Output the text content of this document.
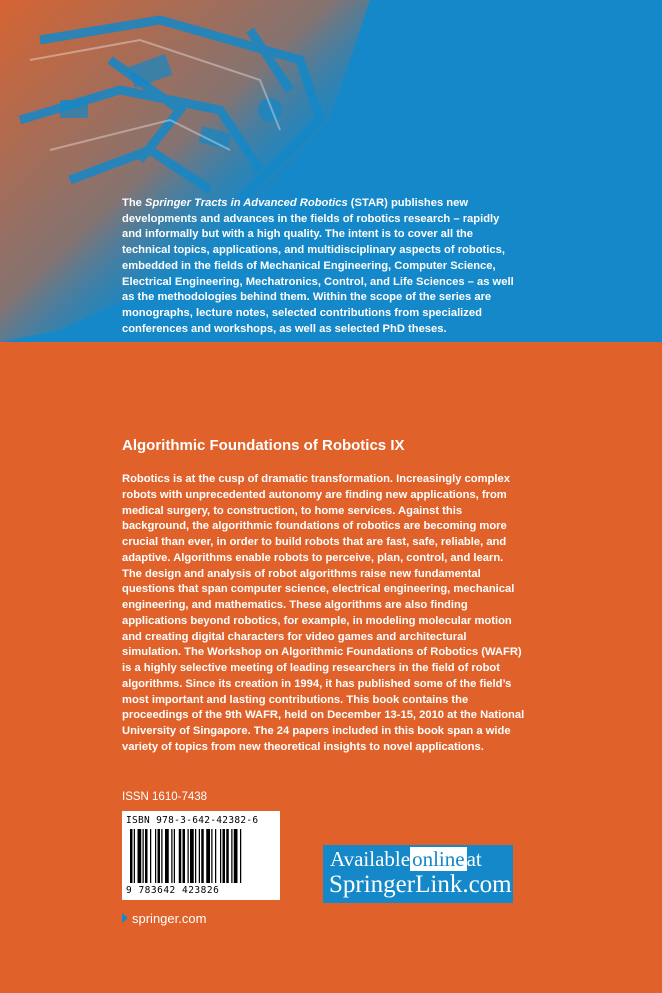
The Springer Tracts in Advanced Robotics (STAR) publishes new developments and advances in the fields of robotics research – rapidly and informally but with a high quality. The intent is to cover all the technical topics, applications, and multidisciplinary aspects of robotics, embedded in the fields of Mechanical Engineering, Computer Science, Electrical Engineering, Mechatronics, Control, and Life Sciences – as well as the methodologies behind them. Within the scope of the series are monographs, lecture notes, selected contributions from specialized conferences and workshops, as well as selected PhD theses.
Algorithmic Foundations of Robotics IX
Robotics is at the cusp of dramatic transformation. Increasingly complex robots with unprecedented autonomy are finding new applications, from medical surgery, to construction, to home services. Against this background, the algorithmic foundations of robotics are becoming more crucial than ever, in order to build robots that are fast, safe, reliable, and adaptive. Algorithms enable robots to perceive, plan, control, and learn. The design and analysis of robot algorithms raise new fundamental questions that span computer science, electrical engineering, mechanical engineering, and mathematics. These algorithms are also finding applications beyond robotics, for example, in modeling molecular motion and creating digital characters for video games and architectural simulation. The Workshop on Algorithmic Foundations of Robotics (WAFR) is a highly selective meeting of leading researchers in the field of robot algorithms. Since its creation in 1994, it has published some of the field’s most important and lasting contributions. This book contains the proceedings of the 9th WAFR, held on December 13-15, 2010 at the National University of Singapore. The 24 papers included in this book span a wide variety of topics from new theoretical insights to novel applications.
ISSN 1610-7438
ISBN 978-3-642-42382-6
9 783642 423826
springer.com
Availableonlineat
SpringerLink.com
